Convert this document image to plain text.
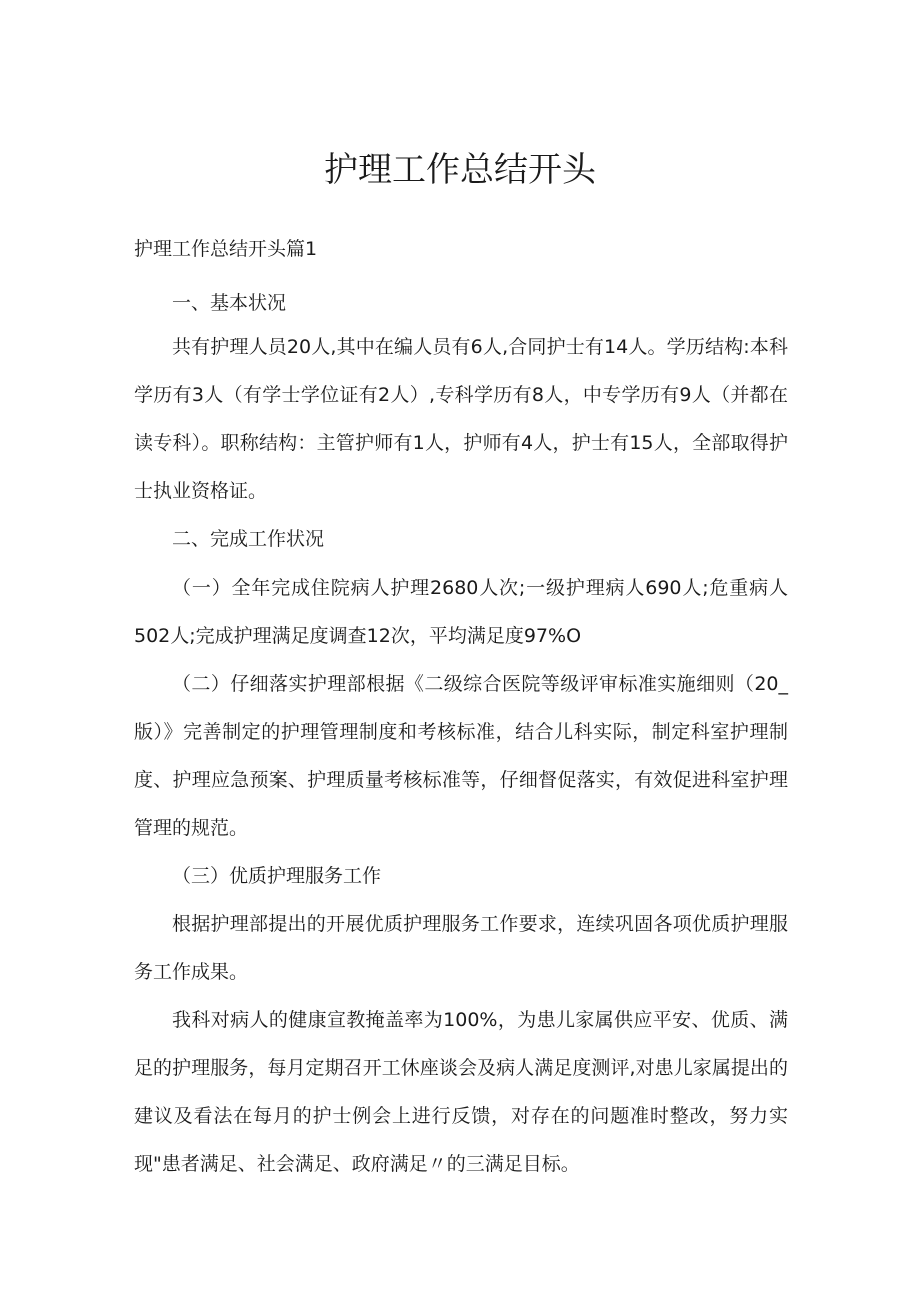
护理工作总结开头
护理工作总结开头篇1
一、基本状况
共有护理人员20人,其中在编人员有6人,合同护士有14人。学历结构:本科学历有3人（有学士学位证有2人）,专科学历有8人，中专学历有9人（并都在读专科）。职称结构：主管护师有1人，护师有4人，护士有15人，全部取得护士执业资格证。
二、完成工作状况
（一）全年完成住院病人护理2680人次;一级护理病人690人;危重病人502人;完成护理满足度调查12次，平均满足度97%O
（二）仔细落实护理部根据《二级综合医院等级评审标准实施细则（20_版）》完善制定的护理管理制度和考核标准，结合儿科实际，制定科室护理制度、护理应急预案、护理质量考核标准等，仔细督促落实，有效促进科室护理管理的规范。
（三）优质护理服务工作
根据护理部提出的开展优质护理服务工作要求，连续巩固各项优质护理服务工作成果。
我科对病人的健康宣教掩盖率为100%，为患儿家属供应平安、优质、满足的护理服务，每月定期召开工休座谈会及病人满足度测评,对患儿家属提出的建议及看法在每月的护士例会上进行反馈，对存在的问题准时整改，努力实现"患者满足、社会满足、政府满足〃的三满足目标。
